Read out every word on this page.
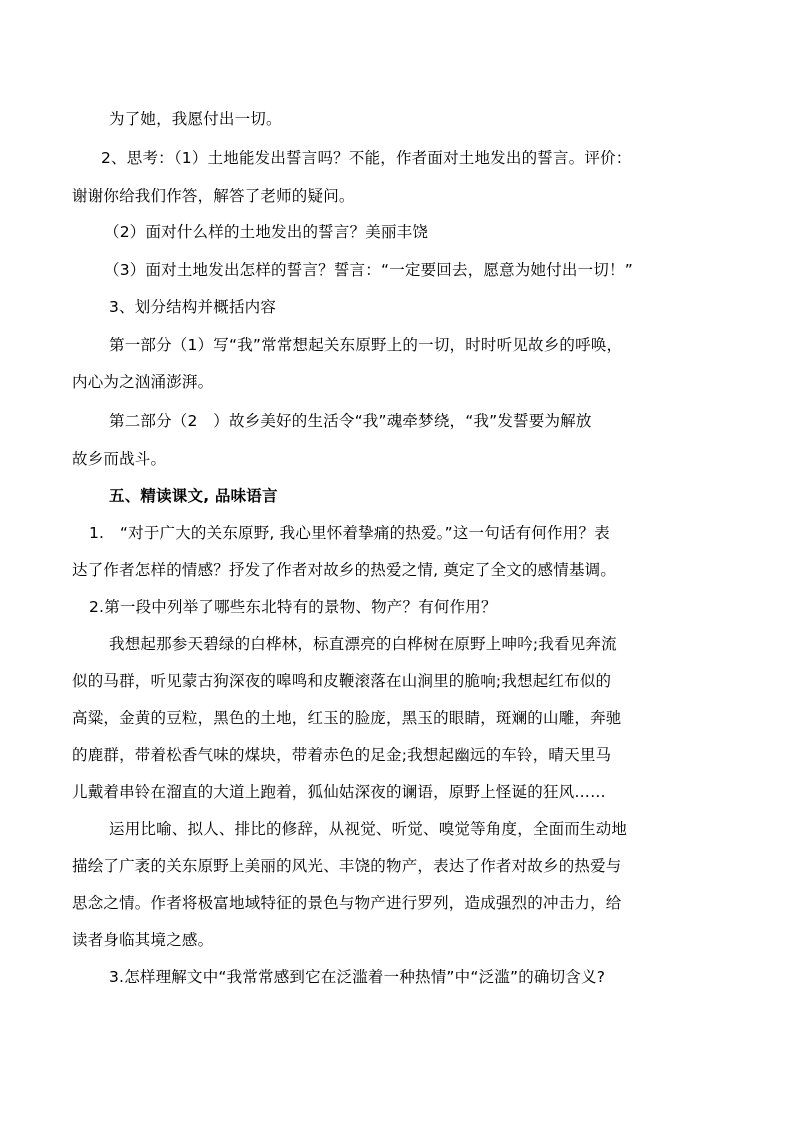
为了她，我愿付出一切。
2、思考：（1）土地能发出誓言吗？不能，作者面对土地发出的誓言。评价：
谢谢你给我们作答，解答了老师的疑问。
（2）面对什么样的土地发出的誓言？美丽丰饶
（3）面对土地发出怎样的誓言？誓言：“一定要回去，愿意为她付出一切！”
3、划分结构并概括内容
第一部分（1）写“我”常常想起关东原野上的一切，时时听见故乡的呼唤，
内心为之汹涌澎湃。
第二部分（2　）故乡美好的生活令“我”魂牵梦绕，“我”发誓要为解放
故乡而战斗。
五、精读课文, 品味语言
1.　“对于广大的关东原野, 我心里怀着挚痛的热爱。”这一句话有何作用？表
达了作者怎样的情感？抒发了作者对故乡的热爱之情, 奠定了全文的感情基调。
2.第一段中列举了哪些东北特有的景物、物产？有何作用？
我想起那参天碧绿的白桦林，标直漂亮的白桦树在原野上呻吟;我看见奔流
似的马群，听见蒙古狗深夜的嗥鸣和皮鞭滚落在山涧里的脆响;我想起红布似的
高粱，金黄的豆粒，黑色的土地，红玉的脸庞，黑玉的眼睛，斑斓的山雕，奔驰
的鹿群，带着松香气味的煤块，带着赤色的足金;我想起幽远的车铃，晴天里马
儿戴着串铃在溜直的大道上跑着，狐仙姑深夜的谰语，原野上怪诞的狂风……
运用比喻、拟人、排比的修辞，从视觉、听觉、嗅觉等角度，全面而生动地
描绘了广袤的关东原野上美丽的风光、丰饶的物产，表达了作者对故乡的热爱与
思念之情。作者将极富地域特征的景色与物产进行罗列，造成强烈的冲击力，给
读者身临其境之感。
3.怎样理解文中“我常常感到它在泛滥着一种热情”中“泛滥”的确切含义?
